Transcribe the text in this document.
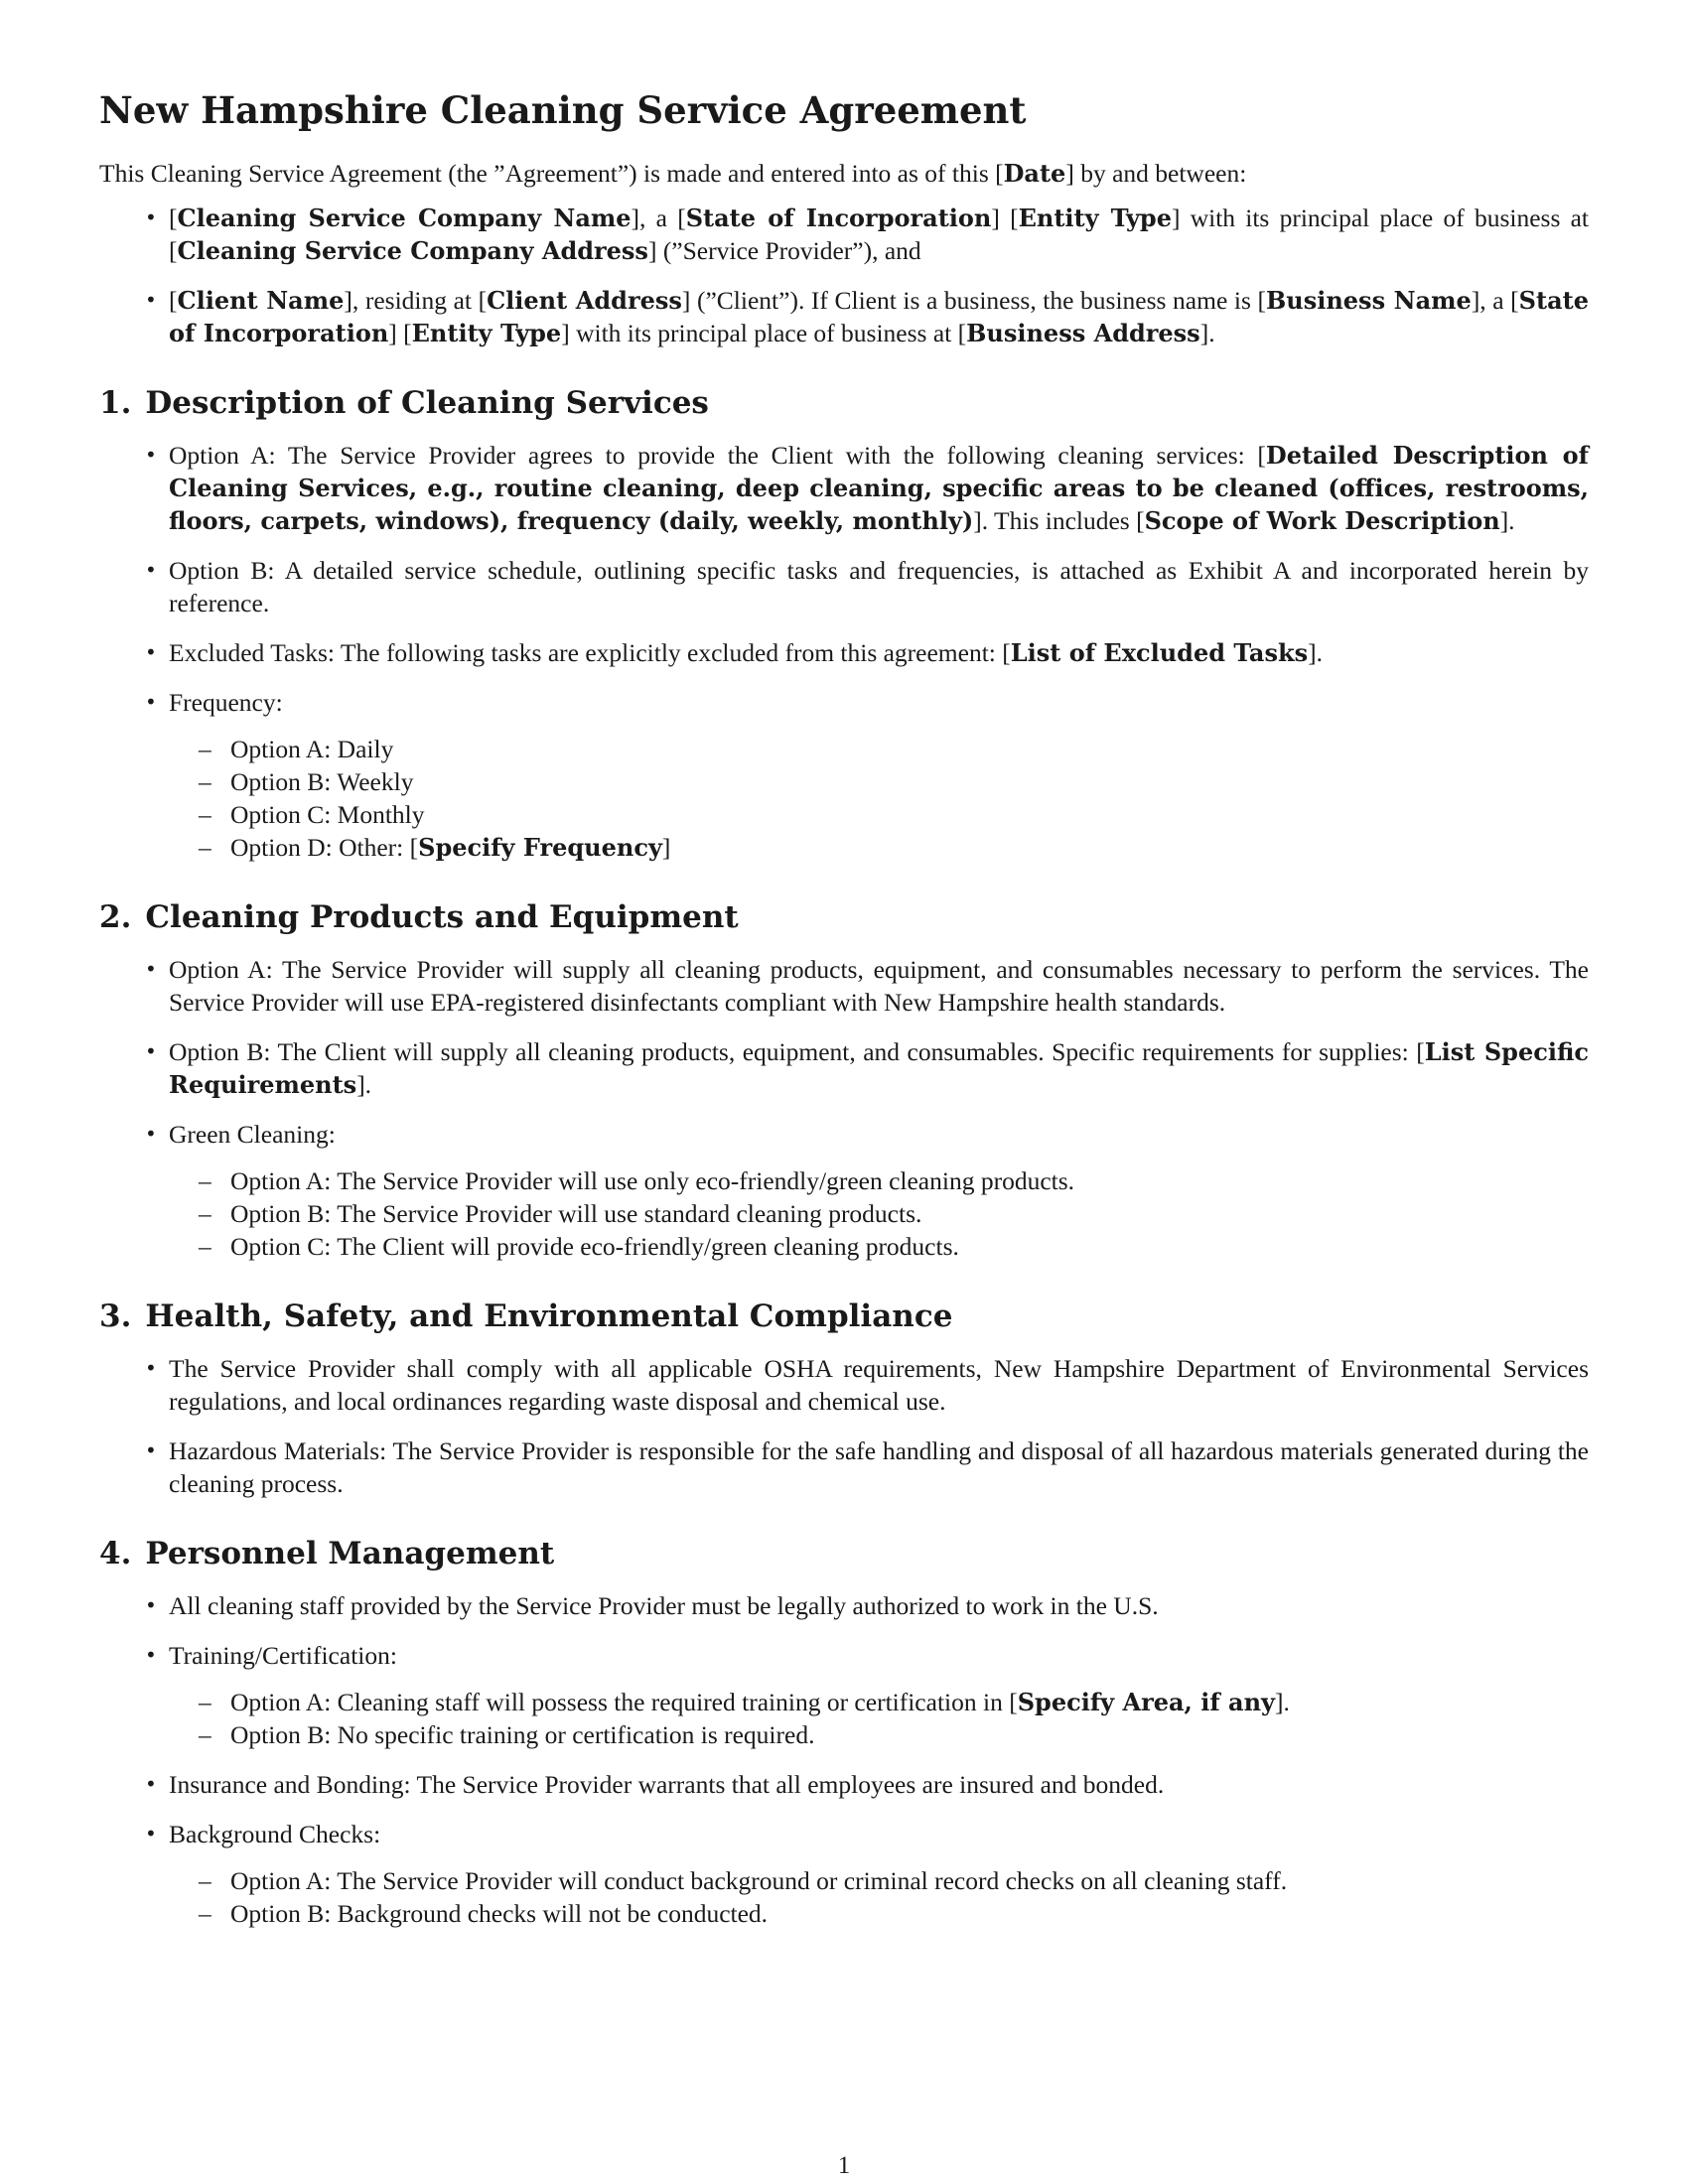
New Hampshire Cleaning Service Agreement

This Cleaning Service Agreement (the ”Agreement”) is made and entered into as of this [Date] by and between:

• [Cleaning Service Company Name], a [State of Incorporation] [Entity Type] with its principal place of business at [Cleaning Service Company Address] (”Service Provider”), and
• [Client Name], residing at [Client Address] (”Client”). If Client is a business, the business name is [Business Name], a [State of Incorporation] [Entity Type] with its principal place of business at [Business Address].
1. Description of Cleaning Services
• Option A: The Service Provider agrees to provide the Client with the following cleaning services: [Detailed Description of Cleaning Services, e.g., routine cleaning, deep cleaning, specific areas to be cleaned (offices, restrooms, floors, carpets, windows), frequency (daily, weekly, monthly)]. This includes [Scope of Work Description].
• Option B: A detailed service schedule, outlining specific tasks and frequencies, is attached as Exhibit A and incorporated herein by reference.
• Excluded Tasks: The following tasks are explicitly excluded from this agreement: [List of Excluded Tasks].
• Frequency:
– Option A: Daily
– Option B: Weekly
– Option C: Monthly
– Option D: Other: [Specify Frequency]
2. Cleaning Products and Equipment
• Option A: The Service Provider will supply all cleaning products, equipment, and consumables necessary to perform the services. The Service Provider will use EPA-registered disinfectants compliant with New Hampshire health standards.
• Option B: The Client will supply all cleaning products, equipment, and consumables. Specific requirements for supplies: [List Specific Requirements].
• Green Cleaning:
– Option A: The Service Provider will use only eco-friendly/green cleaning products.
– Option B: The Service Provider will use standard cleaning products.
– Option C: The Client will provide eco-friendly/green cleaning products.
3. Health, Safety, and Environmental Compliance
• The Service Provider shall comply with all applicable OSHA requirements, New Hampshire Department of Environmental Services regulations, and local ordinances regarding waste disposal and chemical use.
• Hazardous Materials: The Service Provider is responsible for the safe handling and disposal of all hazardous materials generated during the cleaning process.
4. Personnel Management
• All cleaning staff provided by the Service Provider must be legally authorized to work in the U.S.
• Training/Certification:
– Option A: Cleaning staff will possess the required training or certification in [Specify Area, if any].
– Option B: No specific training or certification is required.
• Insurance and Bonding: The Service Provider warrants that all employees are insured and bonded.
• Background Checks:
– Option A: The Service Provider will conduct background or criminal record checks on all cleaning staff.
– Option B: Background checks will not be conducted.
1
